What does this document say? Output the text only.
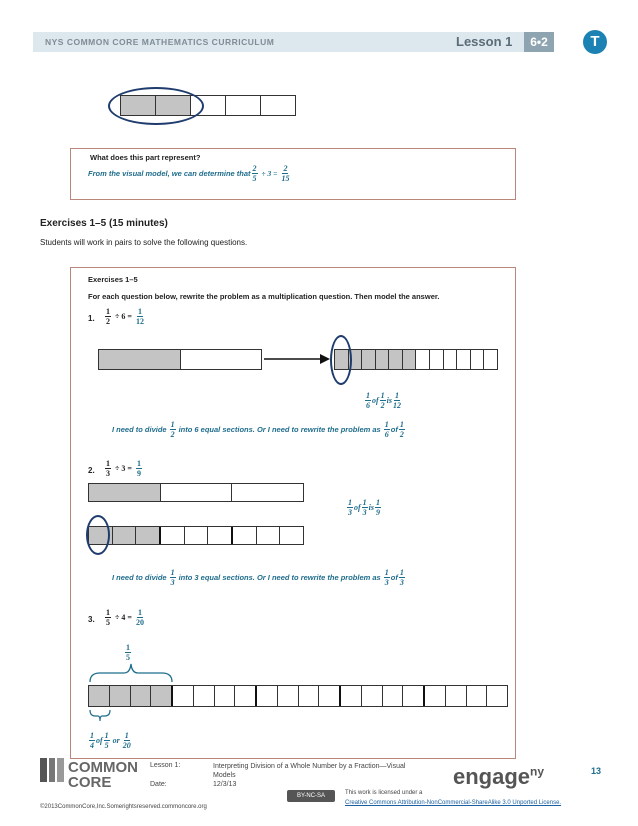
NYS COMMON CORE MATHEMATICS CURRICULUM	Lesson 1	6•2	T
What does this part represent?
From the visual model, we can determine that $\frac{2}{5} \div 3 = \frac{2}{15}$
Exercises 1–5 (15 minutes)
Students will work in pairs to solve the following questions.
Exercises 1–5
For each question below, rewrite the problem as a multiplication question. Then model the answer.
1. $\frac{1}{2} \div 6 = \frac{1}{12}$
$\frac{1}{6}$ of $\frac{1}{2}$ is $\frac{1}{12}$
I need to divide $\frac{1}{2}$ into 6 equal sections. Or I need to rewrite the problem as $\frac{1}{6}$ of $\frac{1}{2}$
2. $\frac{1}{3} \div 3 = \frac{1}{9}$
$\frac{1}{3}$ of $\frac{1}{3}$ is $\frac{1}{9}$
I need to divide $\frac{1}{3}$ into 3 equal sections. Or I need to rewrite the problem as $\frac{1}{3}$ of $\frac{1}{3}$
3. $\frac{1}{5} \div 4 = \frac{1}{20}$
$\frac{1}{5}$
$\frac{1}{4}$ of $\frac{1}{5}$ or $\frac{1}{20}$
COMMON
CORE
Lesson 1:	Interpreting Division of a Whole Number by a Fraction—Visual Models
Date:	12/3/13	engage$^{ny}$	13
©2013CommonCore,Inc.Somerightsreserved.commoncore.org
BY-NC-SA	This work is licensed under a
Creative Commons Attribution-NonCommercial-ShareAlike 3.0 Unported License.
